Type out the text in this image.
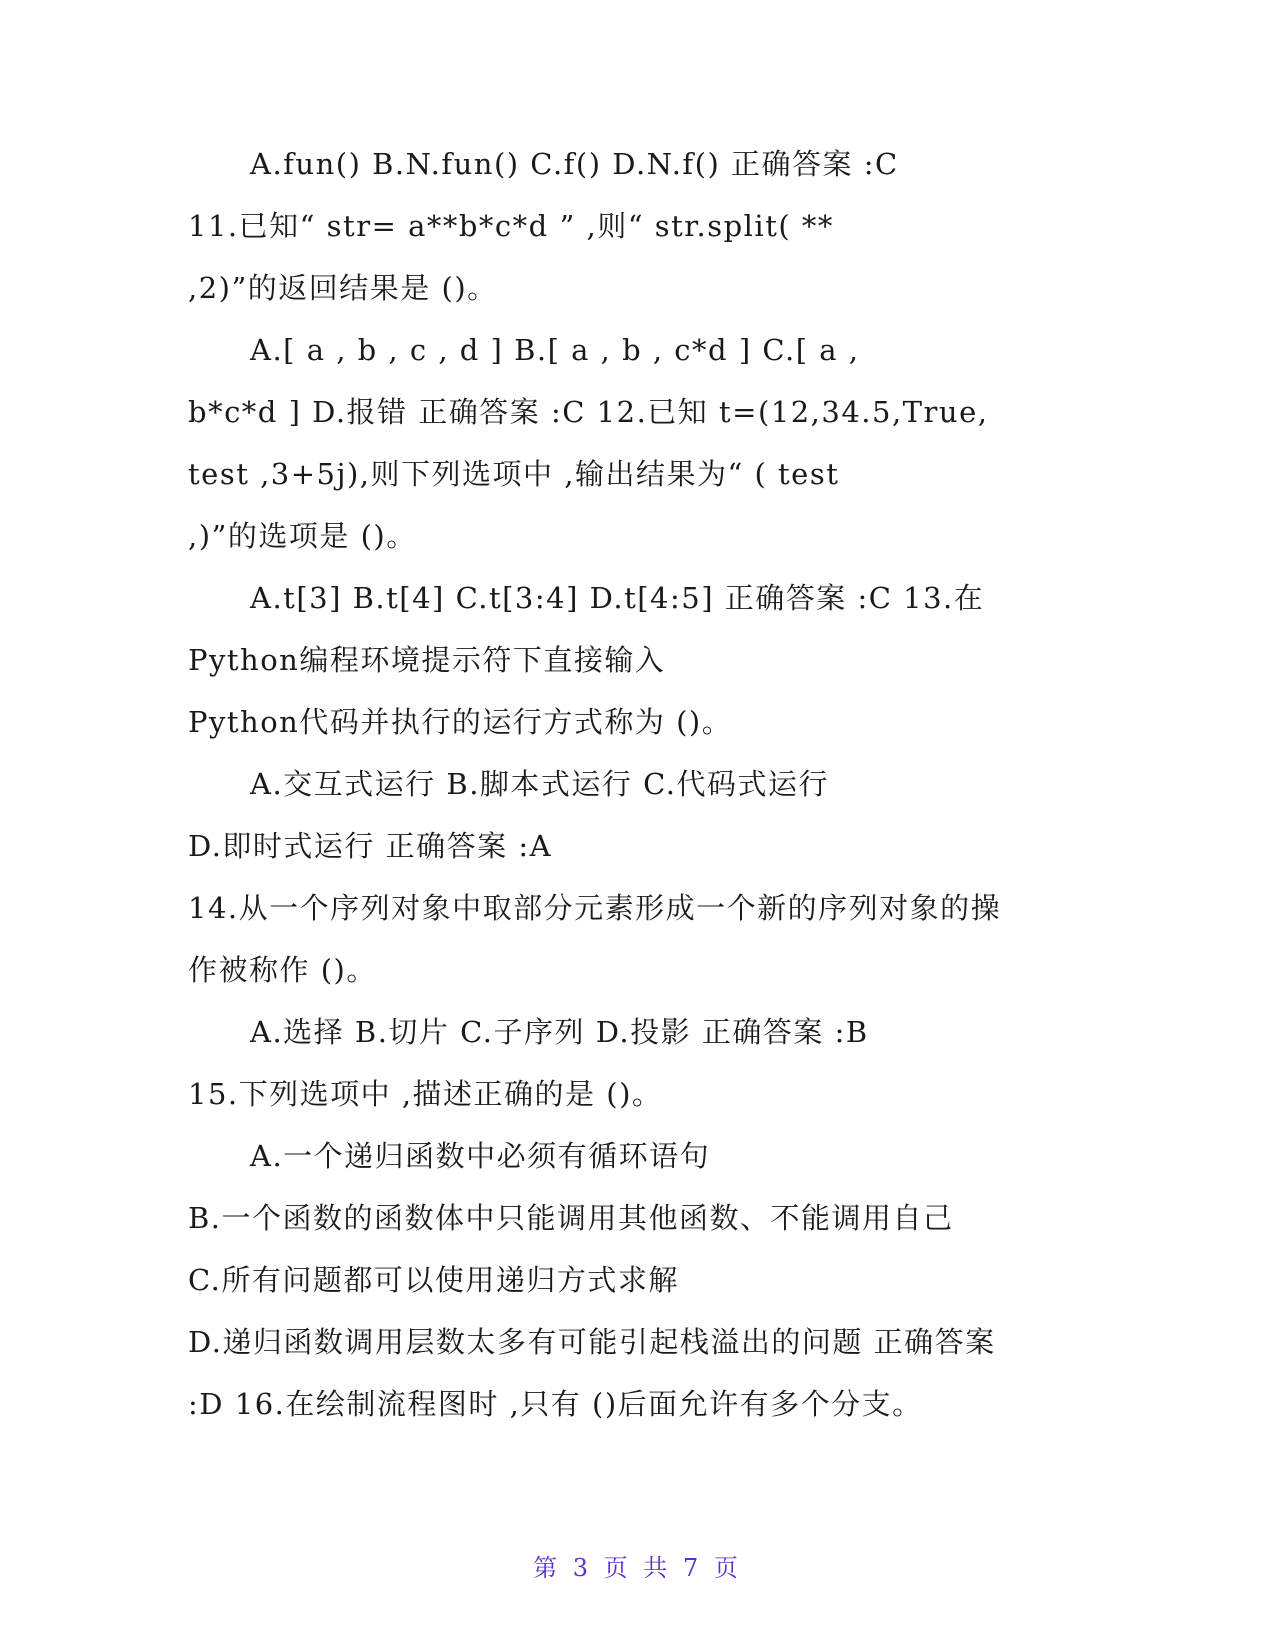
A.fun() B.N.fun() C.f() D.N.f() 正确答案 :C
11.已知“ str= a**b*c*d ” ,则“ str.split( **
,2)”的返回结果是 ()。
A.[ a , b , c , d ] B.[ a , b , c*d ] C.[ a ,
b*c*d ] D.报错 正确答案 :C 12.已知 t=(12,34.5,True,
test ,3+5j),则下列选项中 ,输出结果为“ ( test
,)”的选项是 ()。
A.t[3] B.t[4] C.t[3:4] D.t[4:5] 正确答案 :C 13.在
Python编程环境提示符下直接输入
Python代码并执行的运行方式称为 ()。
A.交互式运行 B.脚本式运行 C.代码式运行
D.即时式运行 正确答案 :A
14.从一个序列对象中取部分元素形成一个新的序列对象的操
作被称作 ()。
A.选择 B.切片 C.子序列 D.投影 正确答案 :B
15.下列选项中 ,描述正确的是 ()。
A.一个递归函数中必须有循环语句
B.一个函数的函数体中只能调用其他函数、不能调用自己
C.所有问题都可以使用递归方式求解
D.递归函数调用层数太多有可能引起栈溢出的问题 正确答案
:D 16.在绘制流程图时 ,只有 ()后面允许有多个分支。
第 3 页 共 7 页
